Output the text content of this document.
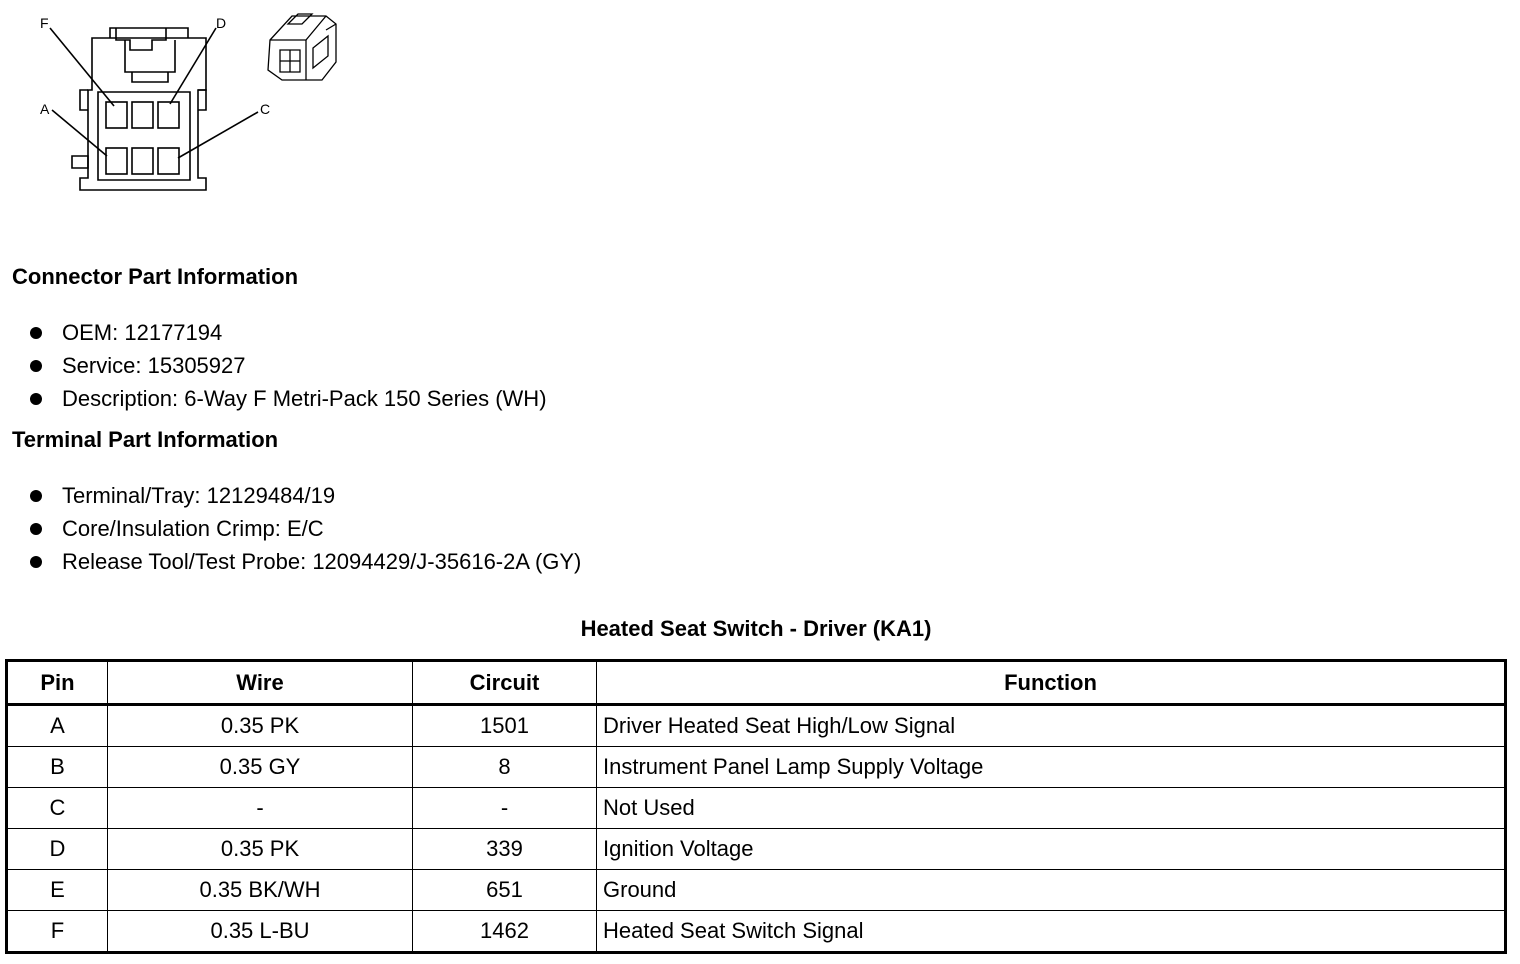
F	D
A	C
Connector Part Information
OEM: 12177194
Service: 15305927
Description: 6-Way F Metri-Pack 150 Series (WH)
Terminal Part Information
Terminal/Tray: 12129484/19
Core/Insulation Crimp: E/C
Release Tool/Test Probe: 12094429/J-35616-2A (GY)
Heated Seat Switch - Driver (KA1)
Pin	Wire	Circuit	Function
A	0.35 PK	1501	Driver Heated Seat High/Low Signal
B	0.35 GY	8	Instrument Panel Lamp Supply Voltage
C	-	-	Not Used
D	0.35 PK	339	Ignition Voltage
E	0.35 BK/WH	651	Ground
F	0.35 L-BU	1462	Heated Seat Switch Signal
